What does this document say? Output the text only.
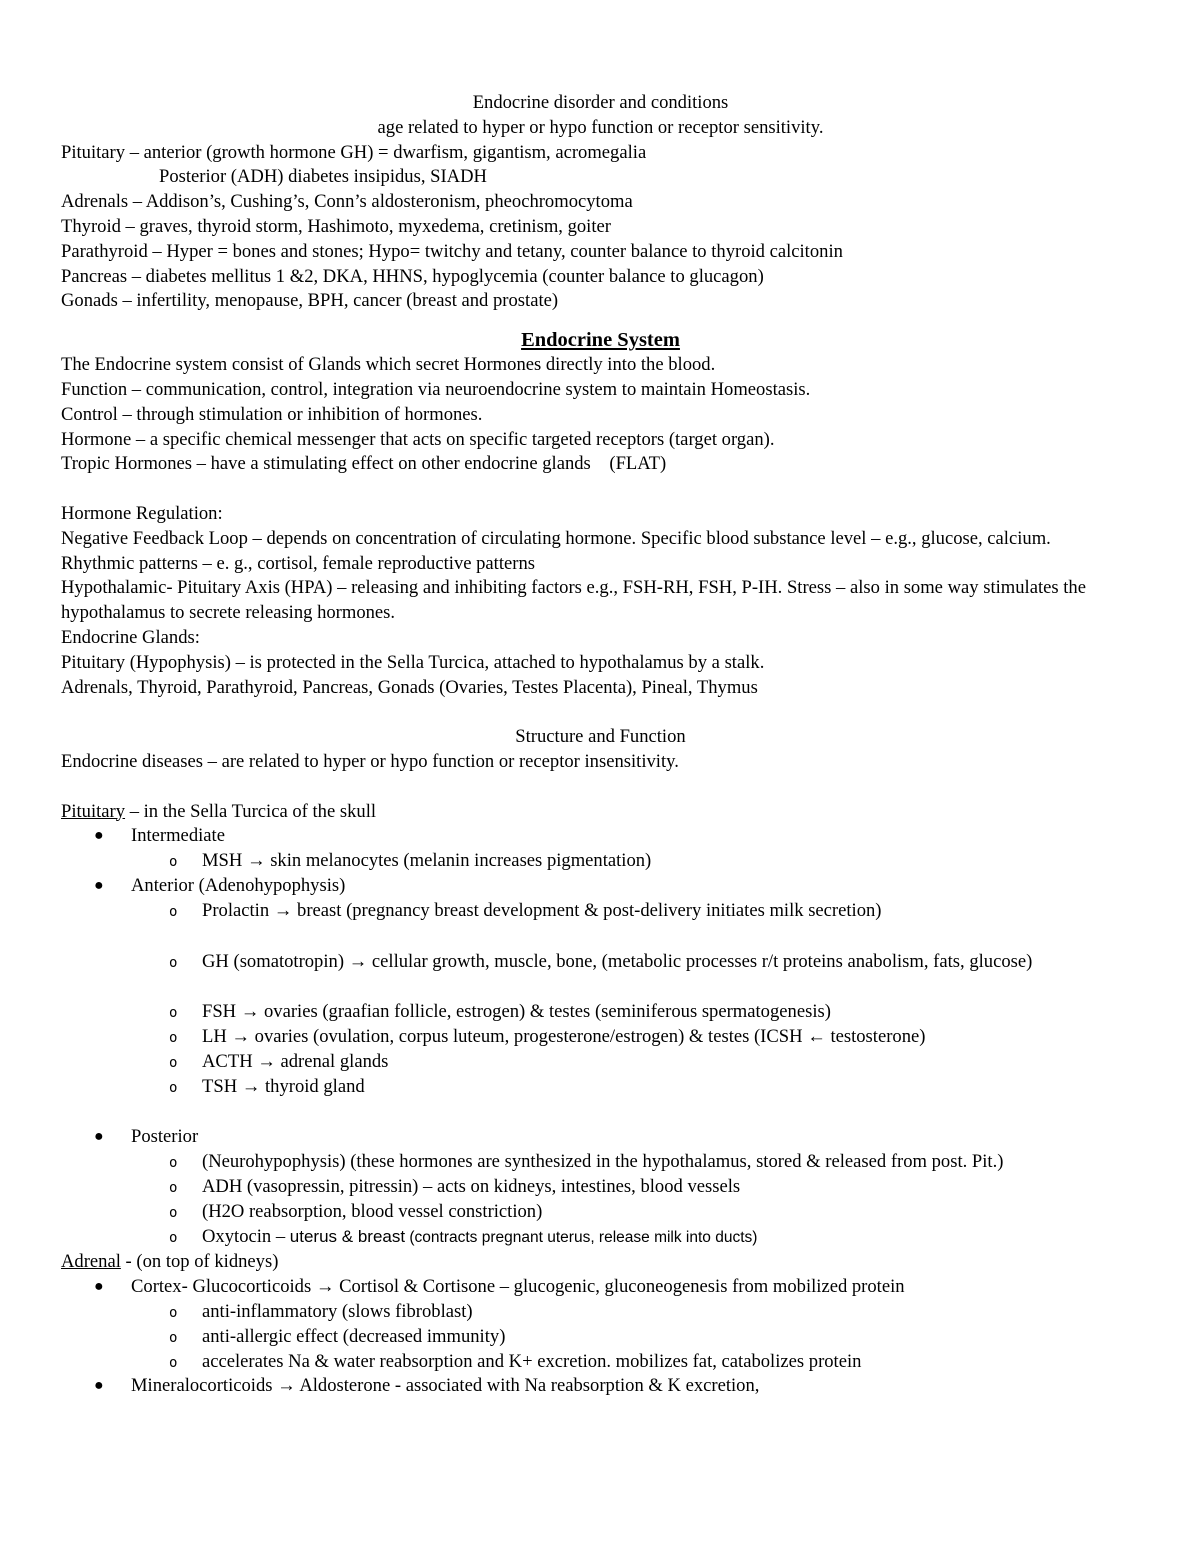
Endocrine disorder and conditions
age related to hyper or hypo function or receptor sensitivity.
Pituitary – anterior (growth hormone GH) = dwarfism, gigantism, acromegalia
Posterior (ADH) diabetes insipidus, SIADH
Adrenals – Addison’s, Cushing’s, Conn’s aldosteronism, pheochromocytoma
Thyroid – graves, thyroid storm, Hashimoto, myxedema, cretinism, goiter
Parathyroid – Hyper = bones and stones; Hypo= twitchy and tetany, counter balance to thyroid calcitonin
Pancreas – diabetes mellitus 1 &2, DKA, HHNS, hypoglycemia (counter balance to glucagon)
Gonads – infertility, menopause, BPH, cancer (breast and prostate)
Endocrine System
The Endocrine system consist of Glands which secret Hormones directly into the blood.
Function – communication, control, integration via neuroendocrine system to maintain Homeostasis.
Control – through stimulation or inhibition of hormones.
Hormone – a specific chemical messenger that acts on specific targeted receptors (target organ).
Tropic Hormones – have a stimulating effect on other endocrine glands    (FLAT)
Hormone Regulation:
Negative Feedback Loop – depends on concentration of circulating hormone. Specific blood substance level – e.g., glucose, calcium.
Rhythmic patterns – e. g., cortisol, female reproductive patterns
Hypothalamic- Pituitary Axis (HPA) – releasing and inhibiting factors e.g., FSH-RH, FSH, P-IH. Stress – also in some way stimulates the hypothalamus to secrete releasing hormones.
Endocrine Glands:
Pituitary (Hypophysis) – is protected in the Sella Turcica, attached to hypothalamus by a stalk.
Adrenals, Thyroid, Parathyroid, Pancreas, Gonads (Ovaries, Testes Placenta), Pineal, Thymus
Structure and Function
Endocrine diseases – are related to hyper or hypo function or receptor insensitivity.
Pituitary – in the Sella Turcica of the skull
● Intermediate
o MSH → skin melanocytes (melanin increases pigmentation)
● Anterior (Adenohypophysis)
o Prolactin → breast (pregnancy breast development & post-delivery initiates milk secretion)
o GH (somatotropin) → cellular growth, muscle, bone, (metabolic processes r/t proteins anabolism, fats, glucose)
o FSH → ovaries (graafian follicle, estrogen) & testes (seminiferous spermatogenesis)
o LH → ovaries (ovulation, corpus luteum, progesterone/estrogen) & testes (ICSH ← testosterone)
o ACTH → adrenal glands
o TSH → thyroid gland
● Posterior
o (Neurohypophysis) (these hormones are synthesized in the hypothalamus, stored & released from post. Pit.)
o ADH (vasopressin, pitressin) – acts on kidneys, intestines, blood vessels
o (H2O reabsorption, blood vessel constriction)
o Oxytocin – uterus & breast (contracts pregnant uterus, release milk into ducts)
Adrenal - (on top of kidneys)
● Cortex- Glucocorticoids → Cortisol & Cortisone – glucogenic, gluconeogenesis from mobilized protein
o anti-inflammatory (slows fibroblast)
o anti-allergic effect (decreased immunity)
o accelerates Na & water reabsorption and K+ excretion. mobilizes fat, catabolizes protein
● Mineralocorticoids → Aldosterone - associated with Na reabsorption & K excretion,
